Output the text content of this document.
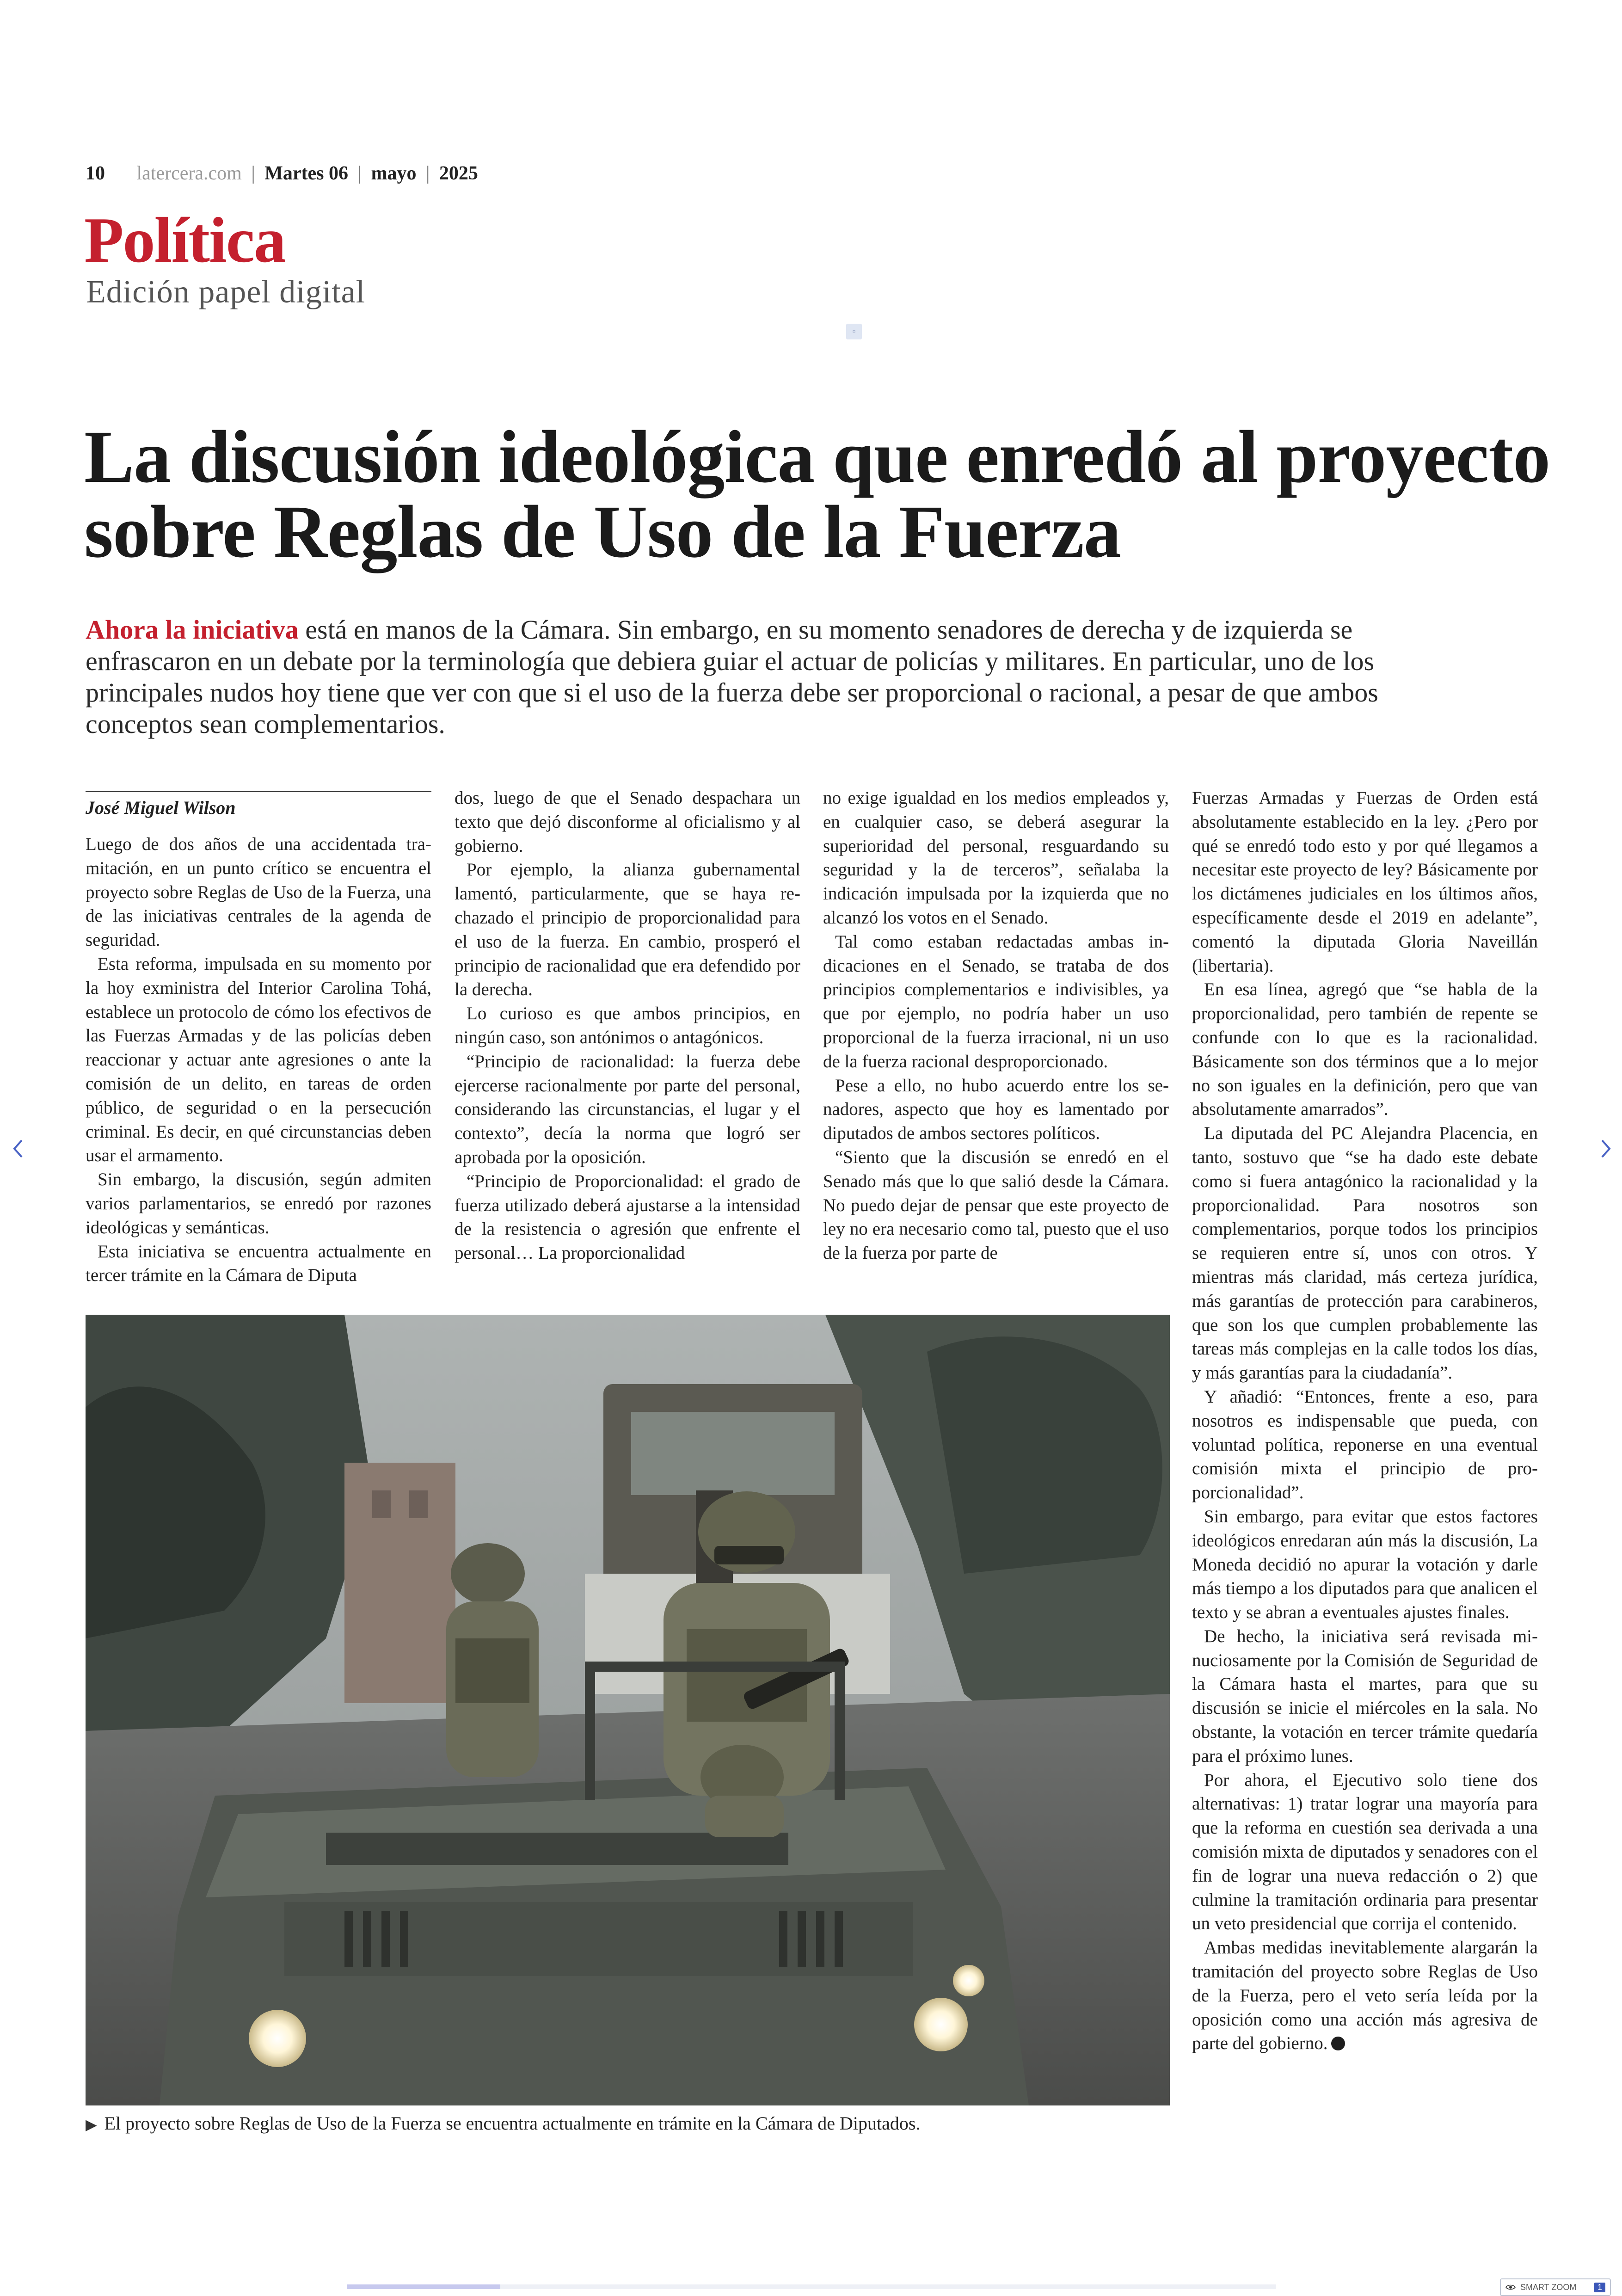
10 latercera.com | Martes 06 | mayo | 2025
Política
Edición papel digital
▫
La discusión ideológica que enredó al proyecto sobre Reglas de Uso de la Fuerza

Ahora la iniciativa está en manos de la Cámara. Sin embargo, en su momento senadores de derecha y de izquierda se enfrascaron en un debate por la terminología que debiera guiar el actuar de policías y militares. En particular, uno de los principales nudos hoy tiene que ver con que si el uso de la fuerza debe ser proporcional o racional, a pesar de que ambos conceptos sean complementarios.

José Miguel Wilson

Luego de dos años de una accidentada tramitación, en un punto crítico se encuentra el proyecto sobre Reglas de Uso de la Fuerza, una de las iniciativas centrales de la agenda de seguridad.

Esta reforma, impulsada en su momento por la hoy exministra del Interior Carolina Tohá, establece un protocolo de cómo los efectivos de las Fuerzas Armadas y de las policías deben reaccionar y actuar ante agresiones o ante la comisión de un delito, en tareas de orden público, de seguridad o en la persecución criminal. Es decir, en qué circunstancias deben usar el armamento.

Sin embargo, la discusión, según admiten varios parlamentarios, se enredó por razones ideológicas y semánticas.

Esta iniciativa se encuentra actualmente en tercer trámite en la Cámara de Diputa

dos, luego de que el Senado despachara un texto que dejó disconforme al oficialismo y al gobierno.

Por ejemplo, la alianza gubernamental lamentó, particularmente, que se haya rechazado el principio de proporcionalidad para el uso de la fuerza. En cambio, prosperó el principio de racionalidad que era defendido por la derecha.

Lo curioso es que ambos principios, en ningún caso, son antónimos o antagónicos.

“Principio de racionalidad: la fuerza debe ejercerse racionalmente por parte del personal, considerando las circunstancias, el lugar y el contexto”, decía la norma que logró ser aprobada por la oposición.

“Principio de Proporcionalidad: el grado de fuerza utilizado deberá ajustarse a la intensidad de la resistencia o agresión que enfrente el personal… La proporcionalidad

no exige igualdad en los medios empleados y, en cualquier caso, se deberá asegurar la superioridad del personal, resguardando su seguridad y la de terceros”, señalaba la indicación impulsada por la izquierda que no alcanzó los votos en el Senado.

Tal como estaban redactadas ambas indicaciones en el Senado, se trataba de dos principios complementarios e indivisibles, ya que por ejemplo, no podría haber un uso proporcional de la fuerza irracional, ni un uso de la fuerza racional desproporcionado.

Pese a ello, no hubo acuerdo entre los senadores, aspecto que hoy es lamentado por diputados de ambos sectores políticos.

“Siento que la discusión se enredó en el Senado más que lo que salió desde la Cámara. No puedo dejar de pensar que este proyecto de ley no era necesario como tal, puesto que el uso de la fuerza por parte de

Fuerzas Armadas y Fuerzas de Orden está absolutamente establecido en la ley. ¿Pero por qué se enredó todo esto y por qué llegamos a necesitar este proyecto de ley? Básicamente por los dictámenes judiciales en los últimos años, específicamente desde el 2019 en adelante”, comentó la diputada Gloria Naveillán (libertaria).

En esa línea, agregó que “se habla de la proporcionalidad, pero también de repente se confunde con lo que es la racionalidad. Básicamente son dos términos que a lo mejor no son iguales en la definición, pero que van absolutamente amarrados”.

La diputada del PC Alejandra Placencia, en tanto, sostuvo que “se ha dado este debate como si fuera antagónico la racionalidad y la proporcionalidad. Para nosotros son complementarios, porque todos los principios se requieren entre sí, unos con otros. Y mientras más claridad, más certeza jurídica, más garantías de protección para carabineros, que son los que cumplen probablemente las tareas más complejas en la calle todos los días, y más garantías para la ciudadanía”.

Y añadió: “Entonces, frente a eso, para nosotros es indispensable que pueda, con voluntad política, reponerse en una eventual comisión mixta el principio de proporcionalidad”.

Sin embargo, para evitar que estos factores ideológicos enredaran aún más la discusión, La Moneda decidió no apurar la votación y darle más tiempo a los diputados para que analicen el texto y se abran a eventuales ajustes finales.

De hecho, la iniciativa será revisada minuciosamente por la Comisión de Seguridad de la Cámara hasta el martes, para que su discusión se inicie el miércoles en la sala. No obstante, la votación en tercer trámite quedaría para el próximo lunes.

Por ahora, el Ejecutivo solo tiene dos alternativas: 1) tratar lograr una mayoría para que la reforma en cuestión sea derivada a una comisión mixta de diputados y senadores con el fin de lograr una nueva redacción o 2) que culmine la tramitación ordinaria para presentar un veto presidencial que corrija el contenido.

Ambas medidas inevitablemente alargarán la tramitación del proyecto sobre Reglas de Uso de la Fuerza, pero el veto sería leída por la oposición como una acción más agresiva de parte del gobierno.

▶ El proyecto sobre Reglas de Uso de la Fuerza se encuentra actualmente en trámite en la Cámara de Diputados.
SMART ZOOM	1
